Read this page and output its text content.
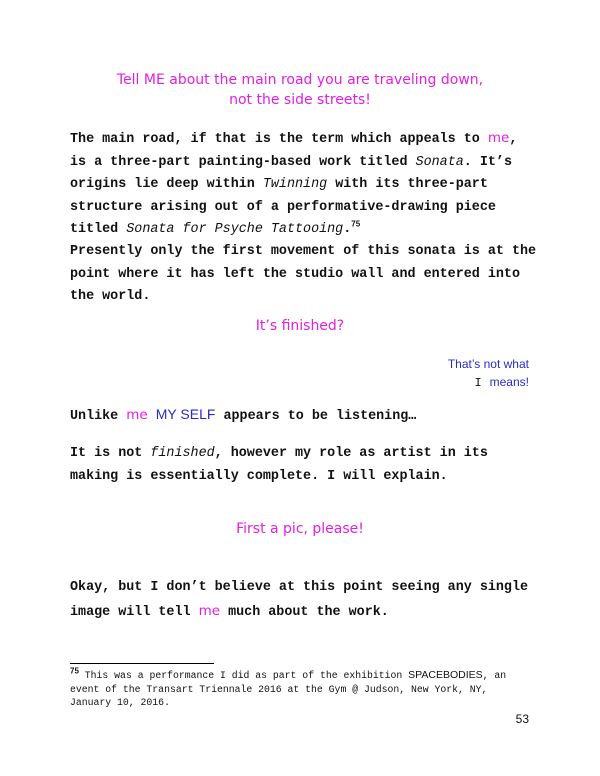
Tell ME about the main road you are traveling down,
not the side streets!

The main road, if that is the term which appeals to me, is a three-part painting-based work titled Sonata. It’s origins lie deep within Twinning with its three-part structure arising out of a performative-drawing piece titled Sonata for Psyche Tattooing.$^{75}$

Presently only the first movement of this sonata is at the point where it has left the studio wall and entered into the world.

It’s finished?
That’s not what
I means!

Unlike me MY SELF appears to be listening…

It is not finished, however my role as artist in its making is essentially complete. I will explain.

First a pic, please!

Okay, but I don’t believe at this point seeing any single image will tell me much about the work.

$^{75}$ This was a performance I did as part of the exhibition SPACEBODIES, an event of the Transart Triennale 2016 at the Gym @ Judson, New York, NY, January 10, 2016.

53
